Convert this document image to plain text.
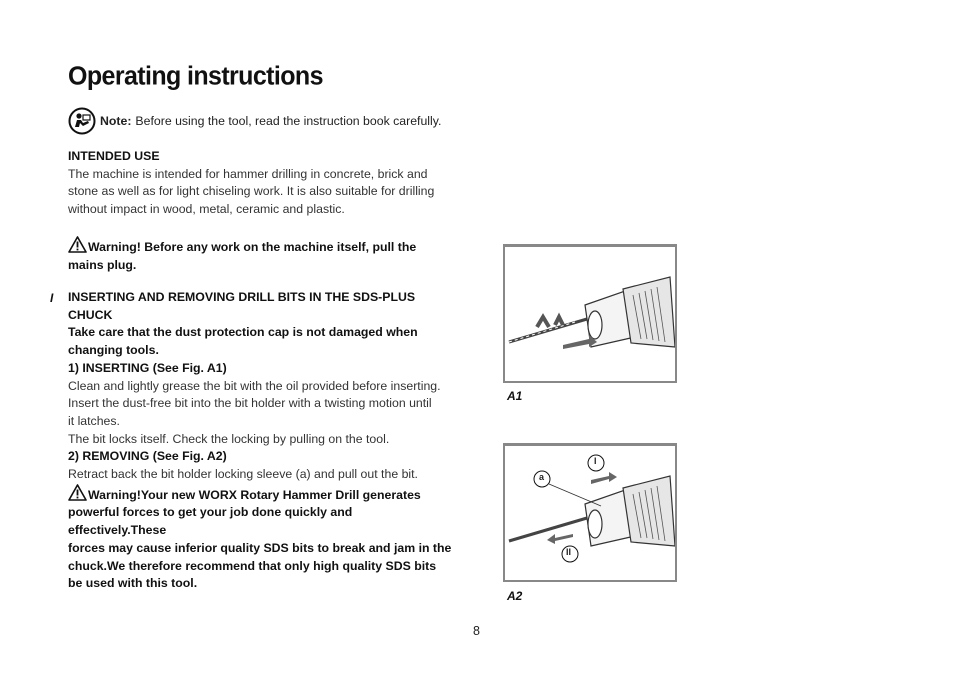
Operating instructions
Note: Before using the tool, read the instruction book carefully.
INTENDED USE
The machine is intended for hammer drilling in concrete, brick and
stone as well as for light chiseling work. It is also suitable for drilling
without impact in wood, metal, ceramic and plastic.
Warning! Before any work on the machine itself, pull the
mains plug.
I INSERTING AND REMOVING DRILL BITS IN THE SDS-PLUS
CHUCK
Take care that the dust protection cap is not damaged when
changing tools.
1) INSERTING (See Fig. A1)
Clean and lightly grease the bit with the oil provided before inserting.
Insert the dust-free bit into the bit holder with a twisting motion until
it latches.
The bit locks itself. Check the locking by pulling on the tool.
2) REMOVING (See Fig. A2)
Retract back the bit holder locking sleeve (a) and pull out the bit.
Warning!Your new WORX Rotary Hammer Drill generates
powerful forces to get your job done quickly and effectively.These
forces may cause inferior quality SDS bits to break and jam in the
chuck.We therefore recommend that only high quality SDS bits
be used with this tool.
A1
a
I
II
A2
8
